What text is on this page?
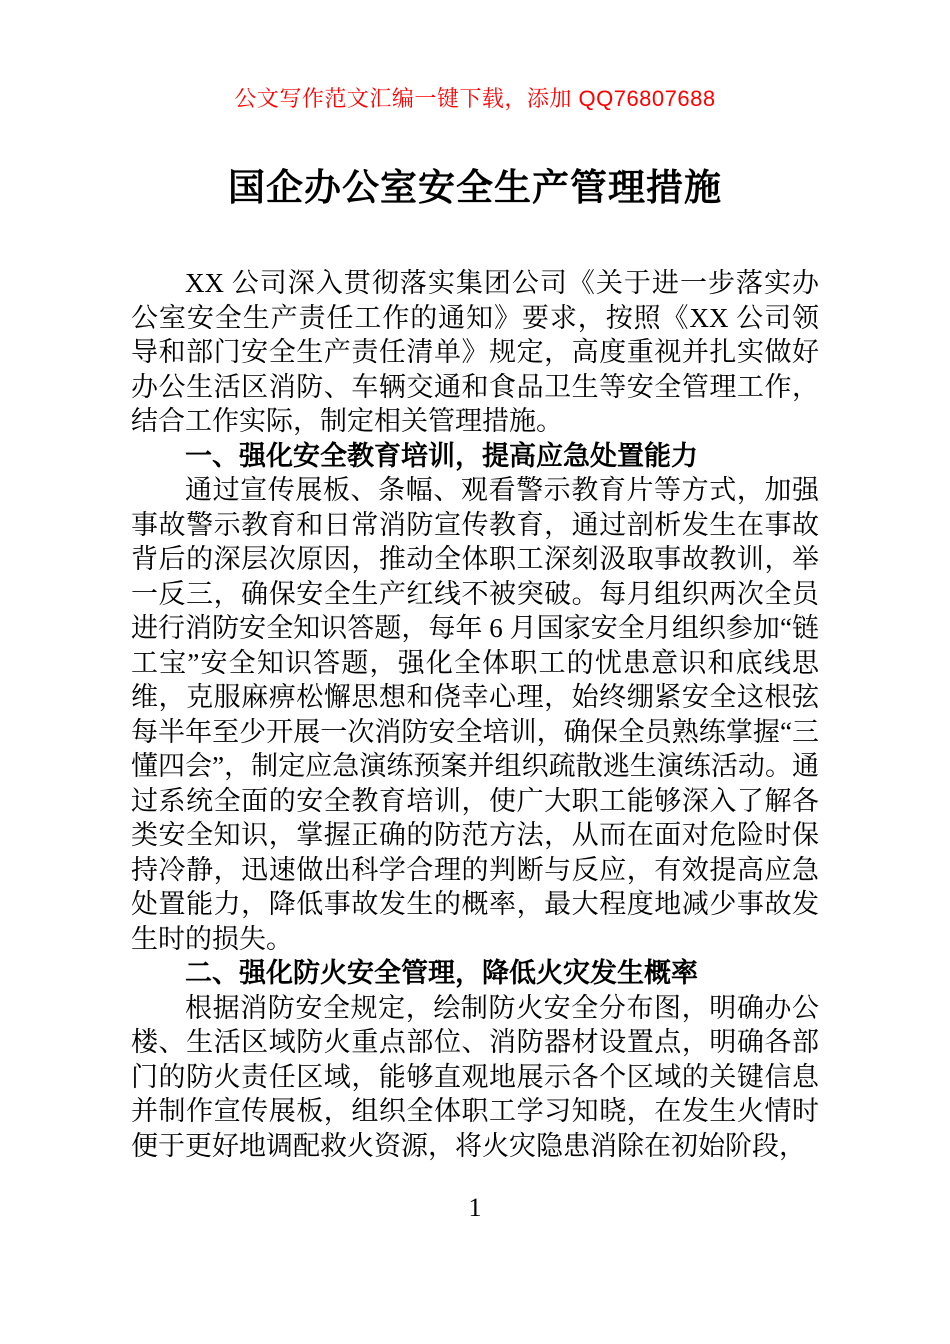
公文写作范文汇编一键下载，添加 QQ76807688
国企办公室安全生产管理措施

XX 公司深入贯彻落实集团公司《关于进一步落实办公室安全生产责任工作的通知》要求，按照《XX 公司领导和部门安全生产责任清单》规定，高度重视并扎实做好办公生活区消防、车辆交通和食品卫生等安全管理工作，结合工作实际，制定相关管理措施。

一、强化安全教育培训，提高应急处置能力

通过宣传展板、条幅、观看警示教育片等方式，加强事故警示教育和日常消防宣传教育，通过剖析发生在事故背后的深层次原因，推动全体职工深刻汲取事故教训，举一反三，确保安全生产红线不被突破。每月组织两次全员进行消防安全知识答题，每年 6 月国家安全月组织参加“链工宝”安全知识答题，强化全体职工的忧患意识和底线思维，克服麻痹松懈思想和侥幸心理，始终绷紧安全这根弦每半年至少开展一次消防安全培训，确保全员熟练掌握“三懂四会”，制定应急演练预案并组织疏散逃生演练活动。通过系统全面的安全教育培训，使广大职工能够深入了解各类安全知识，掌握正确的防范方法，从而在面对危险时保持冷静，迅速做出科学合理的判断与反应，有效提高应急处置能力，降低事故发生的概率，最大程度地减少事故发生时的损失。

二、强化防火安全管理，降低火灾发生概率

根据消防安全规定，绘制防火安全分布图，明确办公楼、生活区域防火重点部位、消防器材设置点，明确各部门的防火责任区域，能够直观地展示各个区域的关键信息并制作宣传展板，组织全体职工学习知晓，在发生火情时便于更好地调配救火资源，将火灾隐患消除在初始阶段，

1
